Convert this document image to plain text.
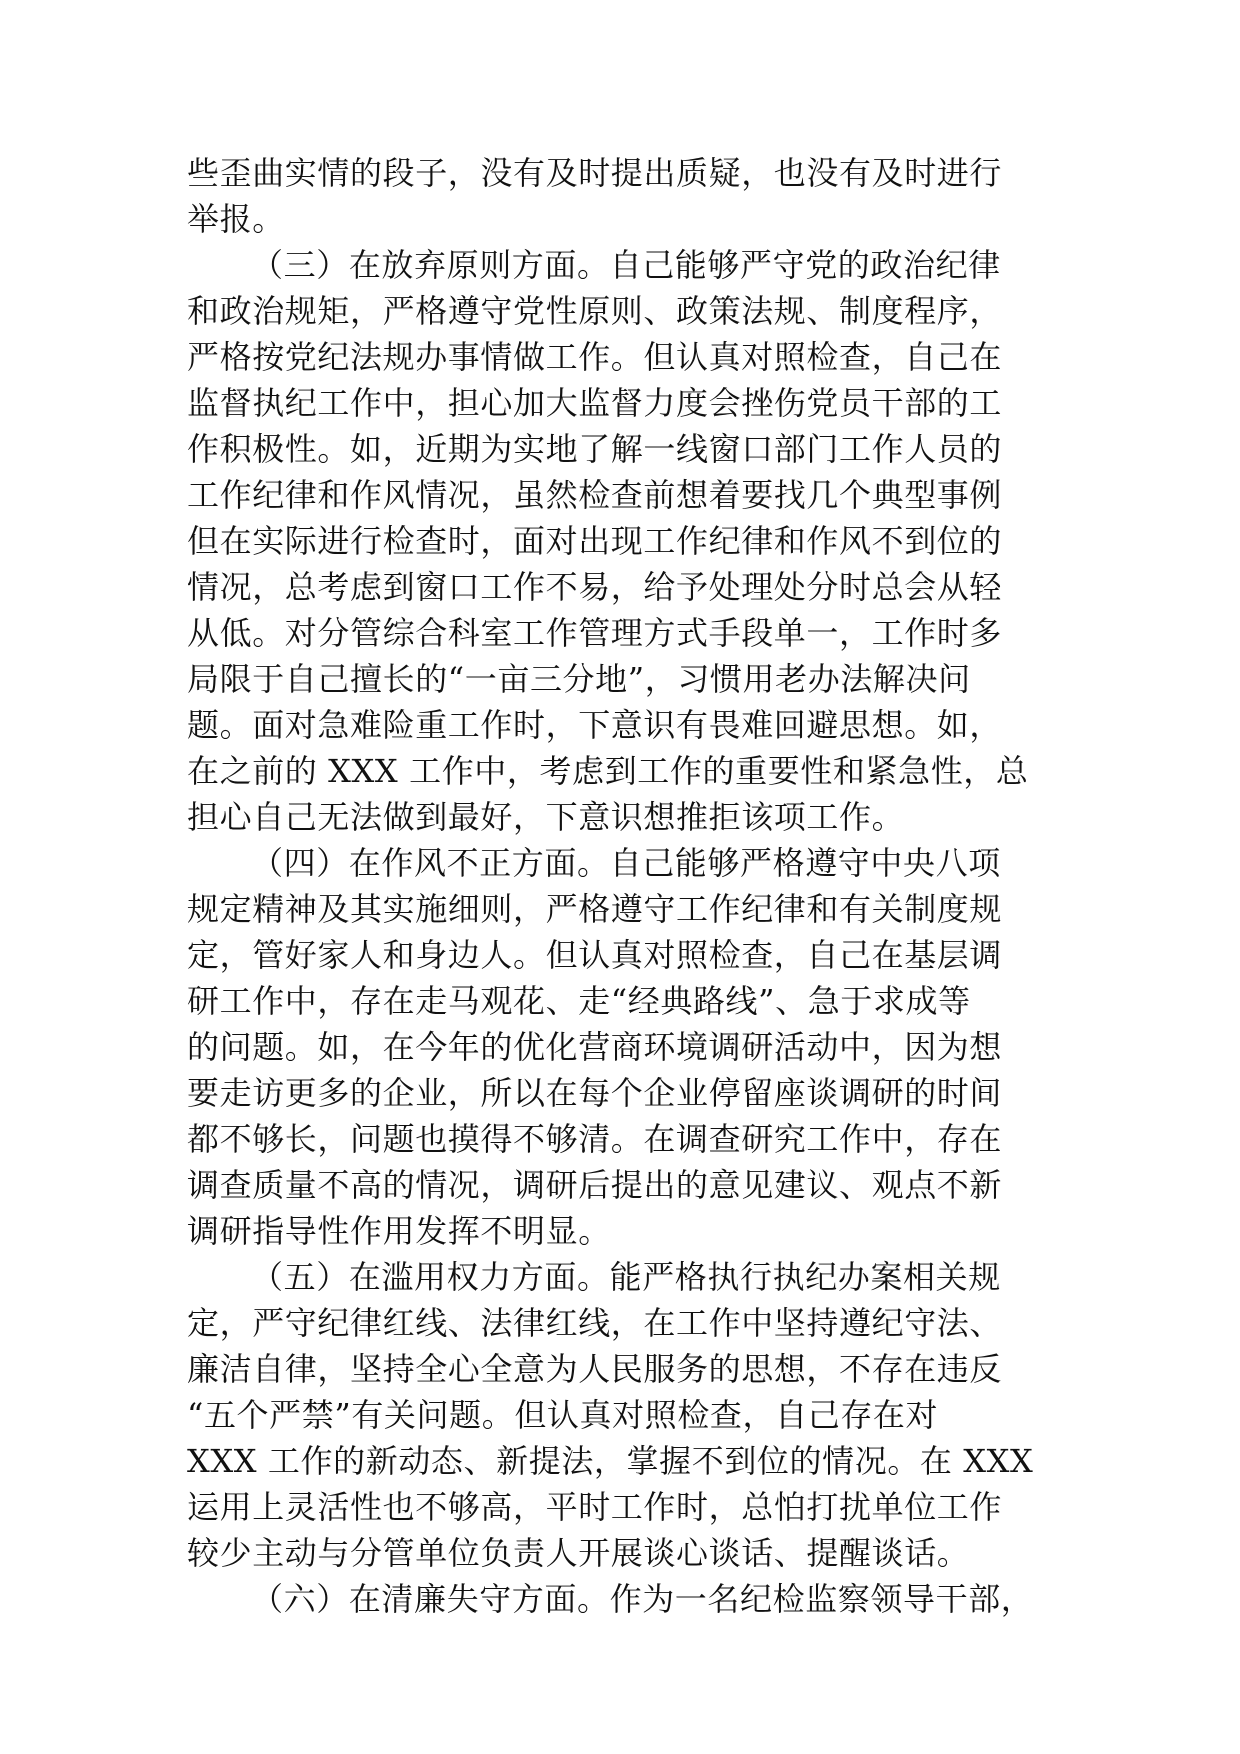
些歪曲实情的段子，没有及时提出质疑，也没有及时进行
举报。
（三）在放弃原则方面。自己能够严守党的政治纪律
和政治规矩，严格遵守党性原则、政策法规、制度程序，
严格按党纪法规办事情做工作。但认真对照检查，自己在
监督执纪工作中，担心加大监督力度会挫伤党员干部的工
作积极性。如，近期为实地了解一线窗口部门工作人员的
工作纪律和作风情况，虽然检查前想着要找几个典型事例
但在实际进行检查时，面对出现工作纪律和作风不到位的
情况，总考虑到窗口工作不易，给予处理处分时总会从轻
从低。对分管综合科室工作管理方式手段单一，工作时多
局限于自己擅长的“一亩三分地”，习惯用老办法解决问
题。面对急难险重工作时，下意识有畏难回避思想。如，
在之前的 XXX 工作中，考虑到工作的重要性和紧急性，总
担心自己无法做到最好，下意识想推拒该项工作。
（四）在作风不正方面。自己能够严格遵守中央八项
规定精神及其实施细则，严格遵守工作纪律和有关制度规
定，管好家人和身边人。但认真对照检查，自己在基层调
研工作中，存在走马观花、走“经典路线”、急于求成等
的问题。如，在今年的优化营商环境调研活动中，因为想
要走访更多的企业，所以在每个企业停留座谈调研的时间
都不够长，问题也摸得不够清。在调查研究工作中，存在
调查质量不高的情况，调研后提出的意见建议、观点不新
调研指导性作用发挥不明显。
（五）在滥用权力方面。能严格执行执纪办案相关规
定，严守纪律红线、法律红线，在工作中坚持遵纪守法、
廉洁自律，坚持全心全意为人民服务的思想，不存在违反
“五个严禁”有关问题。但认真对照检查，自己存在对
XXX 工作的新动态、新提法，掌握不到位的情况。在 XXX
运用上灵活性也不够高，平时工作时，总怕打扰单位工作
较少主动与分管单位负责人开展谈心谈话、提醒谈话。
（六）在清廉失守方面。作为一名纪检监察领导干部，
